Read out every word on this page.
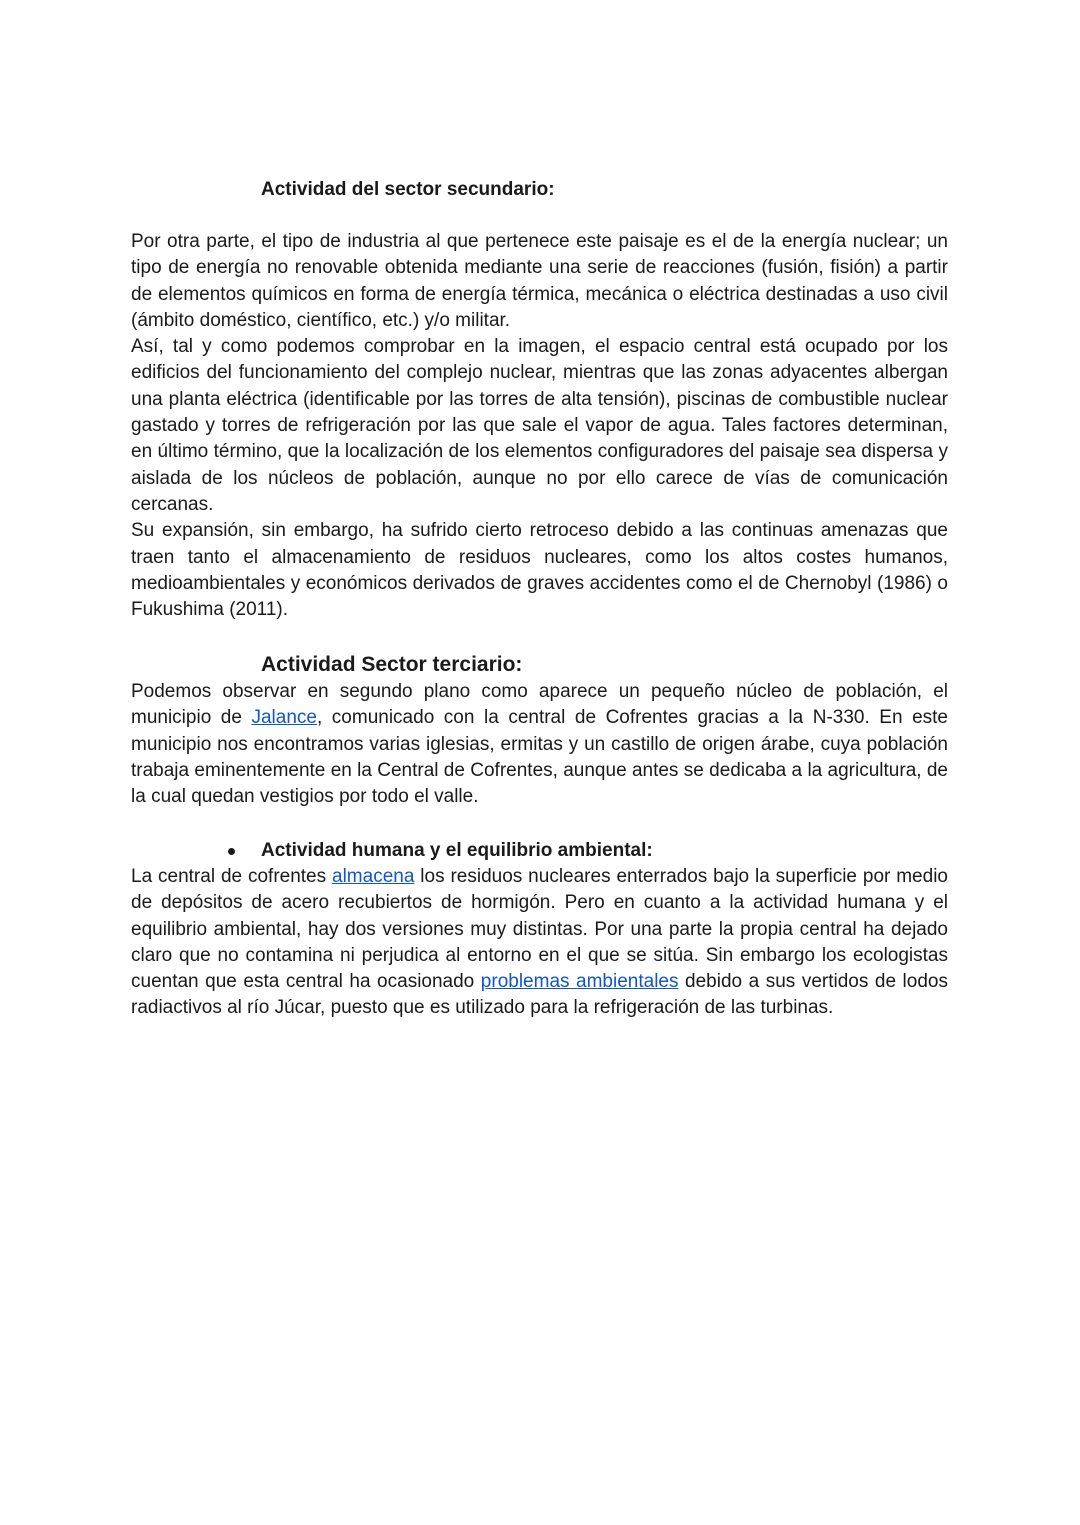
Actividad del sector secundario:

Por otra parte, el tipo de industria al que pertenece este paisaje es el de la energía nuclear; un tipo de energía no renovable obtenida mediante una serie de reacciones (fusión, fisión) a partir de elementos químicos en forma de energía térmica, mecánica o eléctrica destinadas a uso civil (ámbito doméstico, científico, etc.) y/o militar.

Así, tal y como podemos comprobar en la imagen, el espacio central está ocupado por los edificios del funcionamiento del complejo nuclear, mientras que las zonas adyacentes albergan una planta eléctrica (identificable por las torres de alta tensión), piscinas de combustible nuclear gastado y torres de refrigeración por las que sale el vapor de agua. Tales factores determinan, en último término, que la localización de los elementos configuradores del paisaje sea dispersa y aislada de los núcleos de población, aunque no por ello carece de vías de comunicación cercanas.

Su expansión, sin embargo, ha sufrido cierto retroceso debido a las continuas amenazas que traen tanto el almacenamiento de residuos nucleares, como los altos costes humanos, medioambientales y económicos derivados de graves accidentes como el de Chernobyl (1986) o Fukushima (2011).

Actividad Sector terciario:

Podemos observar en segundo plano como aparece un pequeño núcleo de población, el municipio de Jalance, comunicado con la central de Cofrentes gracias a la N-330. En este municipio nos encontramos varias iglesias, ermitas y un castillo de origen árabe, cuya población trabaja eminentemente en la Central de Cofrentes, aunque antes se dedicaba a la agricultura, de la cual quedan vestigios por todo el valle.

Actividad humana y el equilibrio ambiental:

La central de cofrentes almacena los residuos nucleares enterrados bajo la superficie por medio de depósitos de acero recubiertos de hormigón. Pero en cuanto a la actividad humana y el equilibrio ambiental, hay dos versiones muy distintas. Por una parte la propia central ha dejado claro que no contamina ni perjudica al entorno en el que se sitúa. Sin embargo los ecologistas cuentan que esta central ha ocasionado problemas ambientales debido a sus vertidos de lodos radiactivos al río Júcar, puesto que es utilizado para la refrigeración de las turbinas.
